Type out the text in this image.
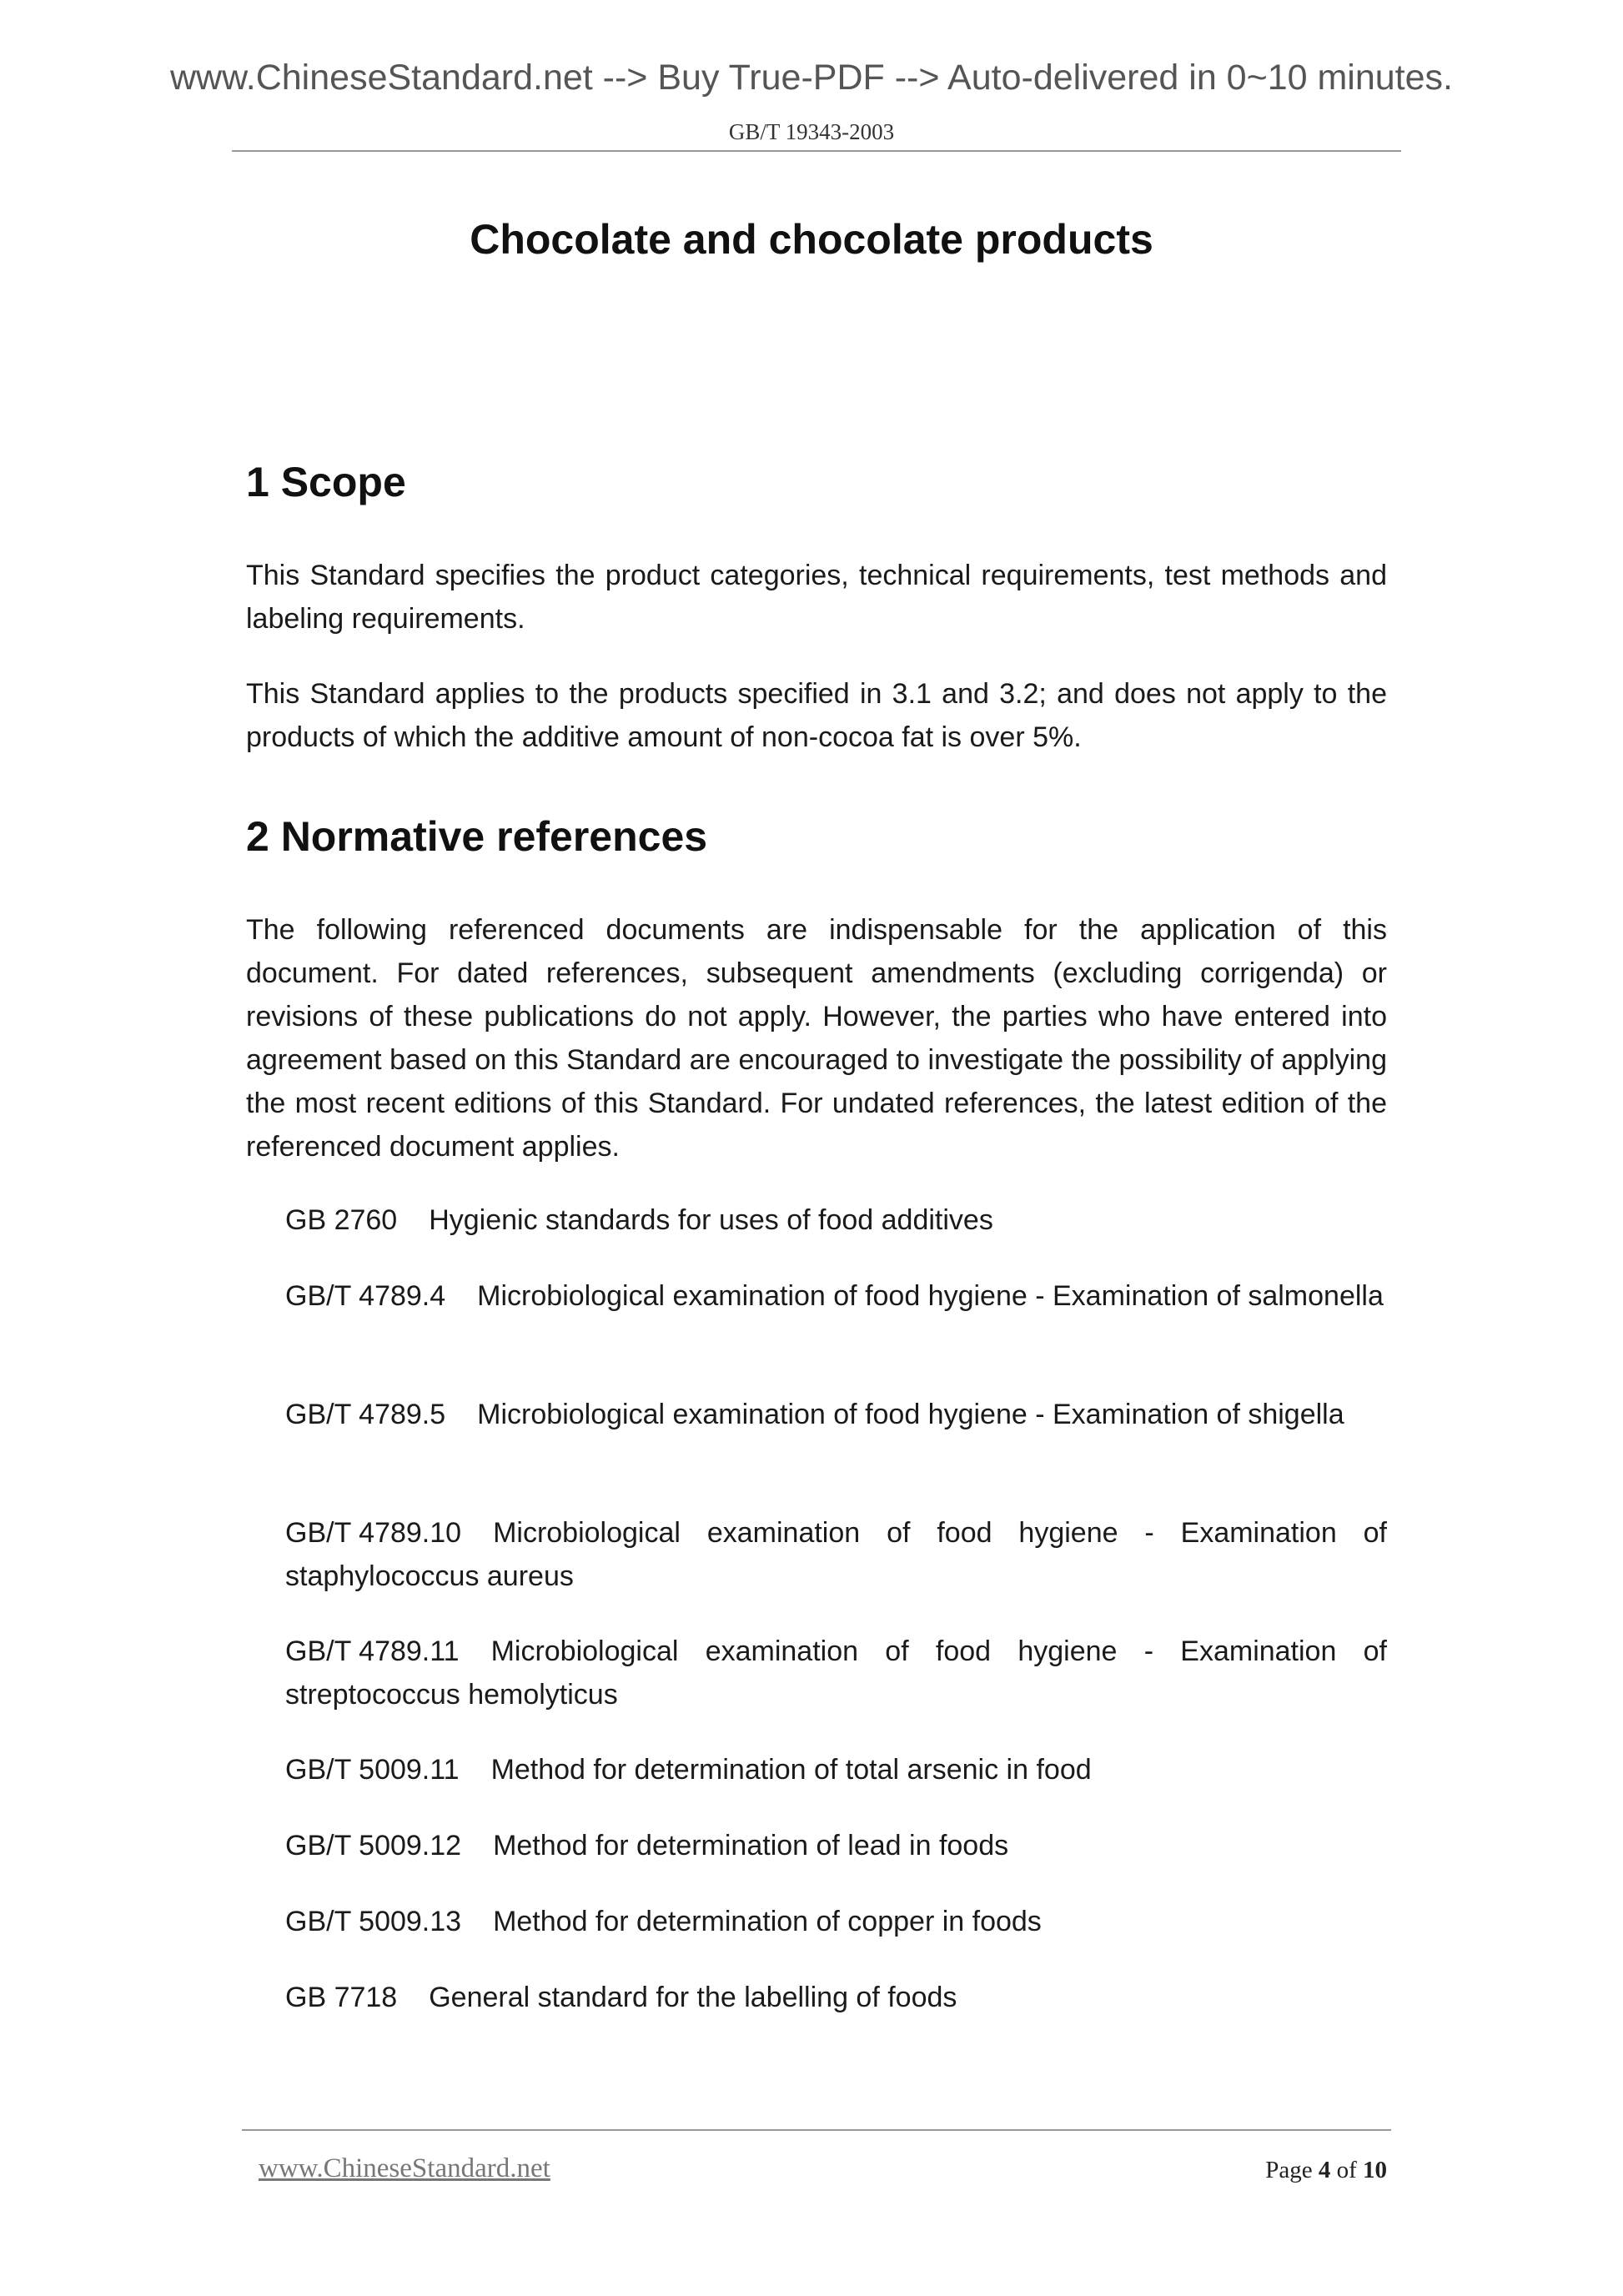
www.ChineseStandard.net --> Buy True-PDF --> Auto-delivered in 0~10 minutes.
GB/T 19343-2003
Chocolate and chocolate products
1 Scope

This Standard specifies the product categories, technical requirements, test methods and labeling requirements.

This Standard applies to the products specified in 3.1 and 3.2; and does not apply to the products of which the additive amount of non-cocoa fat is over 5%.

2 Normative references

The following referenced documents are indispensable for the application of this document. For dated references, subsequent amendments (excluding corrigenda) or revisions of these publications do not apply. However, the parties who have entered into agreement based on this Standard are encouraged to investigate the possibility of applying the most recent editions of this Standard. For undated references, the latest edition of the referenced document applies.

GB 2760 Hygienic standards for uses of food additives

GB/T 4789.4 Microbiological examination of food hygiene - Examination of salmonella

GB/T 4789.5 Microbiological examination of food hygiene - Examination of shigella

GB/T 4789.10 Microbiological examination of food hygiene - Examination of staphylococcus aureus

GB/T 4789.11 Microbiological examination of food hygiene - Examination of streptococcus hemolyticus

GB/T 5009.11 Method for determination of total arsenic in food

GB/T 5009.12 Method for determination of lead in foods

GB/T 5009.13 Method for determination of copper in foods

GB 7718 General standard for the labelling of foods

www.ChineseStandard.net	Page 4 of 10
